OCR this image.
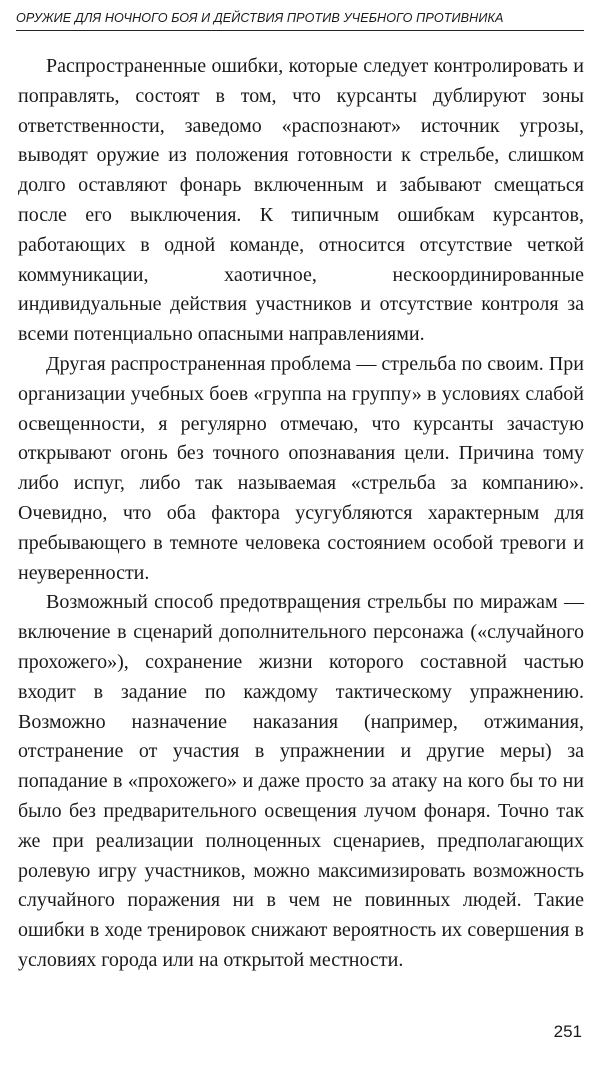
ОРУЖИЕ ДЛЯ НОЧНОГО БОЯ И ДЕЙСТВИЯ ПРОТИВ УЧЕБНОГО ПРОТИВНИКА

Распространенные ошибки, которые следует контролировать и поправлять, состоят в том, что курсанты дублируют зоны ответственности, заведомо «распознают» источник угрозы, выводят оружие из положения готовности к стрельбе, слишком долго оставляют фонарь включенным и забывают смещаться после его выключения. К типичным ошибкам курсантов, работающих в одной команде, относится отсутствие четкой коммуникации, хаотичное, нескоординированные индивидуальные действия участников и отсутствие контроля за всеми потенциально опасными направлениями.

Другая распространенная проблема — стрельба по своим. При организации учебных боев «группа на группу» в условиях слабой освещенности, я регулярно отмечаю, что курсанты зачастую открывают огонь без точного опознавания цели. Причина тому либо испуг, либо так называемая «стрельба за компанию». Очевидно, что оба фактора усугубляются характерным для пребывающего в темноте человека состоянием особой тревоги и неуверенности.

Возможный способ предотвращения стрельбы по миражам — включение в сценарий дополнительного персонажа («случайного прохожего»), сохранение жизни которого составной частью входит в задание по каждому тактическому упражнению. Возможно назначение наказания (например, отжимания, отстранение от участия в упражнении и другие меры) за попадание в «прохожего» и даже просто за атаку на кого бы то ни было без предварительного освещения лучом фонаря. Точно так же при реализации полноценных сценариев, предполагающих ролевую игру участников, можно максимизировать возможность случайного поражения ни в чем не повинных людей. Такие ошибки в ходе тренировок снижают вероятность их совершения в условиях города или на открытой местности.

251
